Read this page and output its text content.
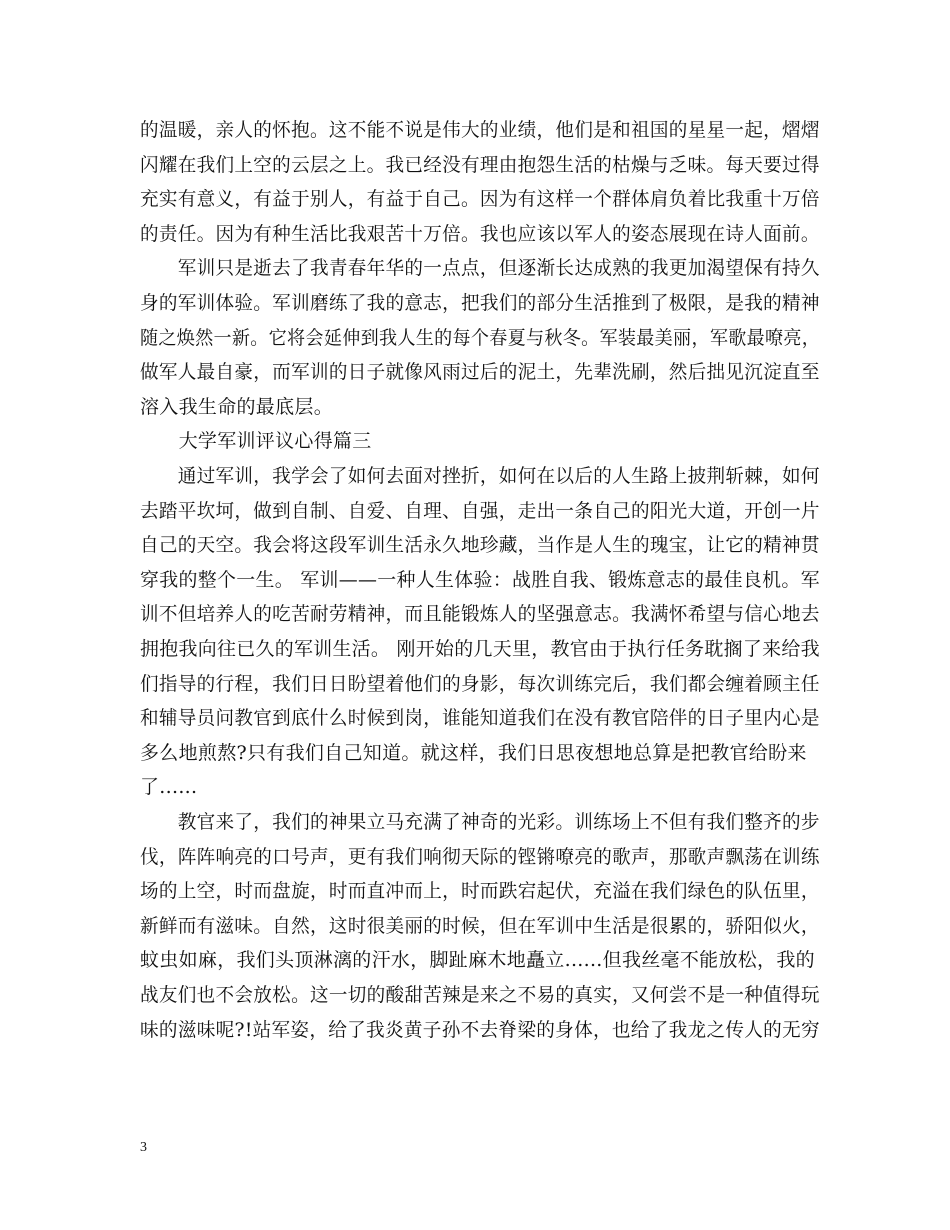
的温暖，亲人的怀抱。这不能不说是伟大的业绩，他们是和祖国的星星一起，熠熠
闪耀在我们上空的云层之上。我已经没有理由抱怨生活的枯燥与乏味。每天要过得
充实有意义，有益于别人，有益于自己。因为有这样一个群体肩负着比我重十万倍
的责任。因为有种生活比我艰苦十万倍。我也应该以军人的姿态展现在诗人面前。
　　军训只是逝去了我青春年华的一点点，但逐渐长达成熟的我更加渴望保有持久
身的军训体验。军训磨练了我的意志，把我们的部分生活推到了极限，是我的精神
随之焕然一新。它将会延伸到我人生的每个春夏与秋冬。军装最美丽，军歌最嘹亮，
做军人最自豪，而军训的日子就像风雨过后的泥土，先辈洗刷，然后拙见沉淀直至
溶入我生命的最底层。
　　大学军训评议心得篇三
　　通过军训，我学会了如何去面对挫折，如何在以后的人生路上披荆斩棘，如何
去踏平坎坷，做到自制、自爱、自理、自强，走出一条自己的阳光大道，开创一片
自己的天空。我会将这段军训生活永久地珍藏，当作是人生的瑰宝，让它的精神贯
穿我的整个一生。 军训——一种人生体验：战胜自我、锻炼意志的最佳良机。军
训不但培养人的吃苦耐劳精神，而且能锻炼人的坚强意志。我满怀希望与信心地去
拥抱我向往已久的军训生活。 刚开始的几天里，教官由于执行任务耽搁了来给我
们指导的行程，我们日日盼望着他们的身影，每次训练完后，我们都会缠着顾主任
和辅导员问教官到底什么时候到岗，谁能知道我们在没有教官陪伴的日子里内心是
多么地煎熬?只有我们自己知道。就这样，我们日思夜想地总算是把教官给盼来
了......
　　教官来了，我们的神果立马充满了神奇的光彩。训练场上不但有我们整齐的步
伐，阵阵响亮的口号声，更有我们响彻天际的铿锵嘹亮的歌声，那歌声飘荡在训练
场的上空，时而盘旋，时而直冲而上，时而跌宕起伏，充溢在我们绿色的队伍里，
新鲜而有滋味。自然，这时很美丽的时候，但在军训中生活是很累的，骄阳似火，
蚊虫如麻，我们头顶淋漓的汗水，脚趾麻木地矗立......但我丝毫不能放松，我的
战友们也不会放松。这一切的酸甜苦辣是来之不易的真实，又何尝不是一种值得玩
味的滋味呢?!站军姿，给了我炎黄子孙不去脊梁的身体，也给了我龙之传人的无穷
3
